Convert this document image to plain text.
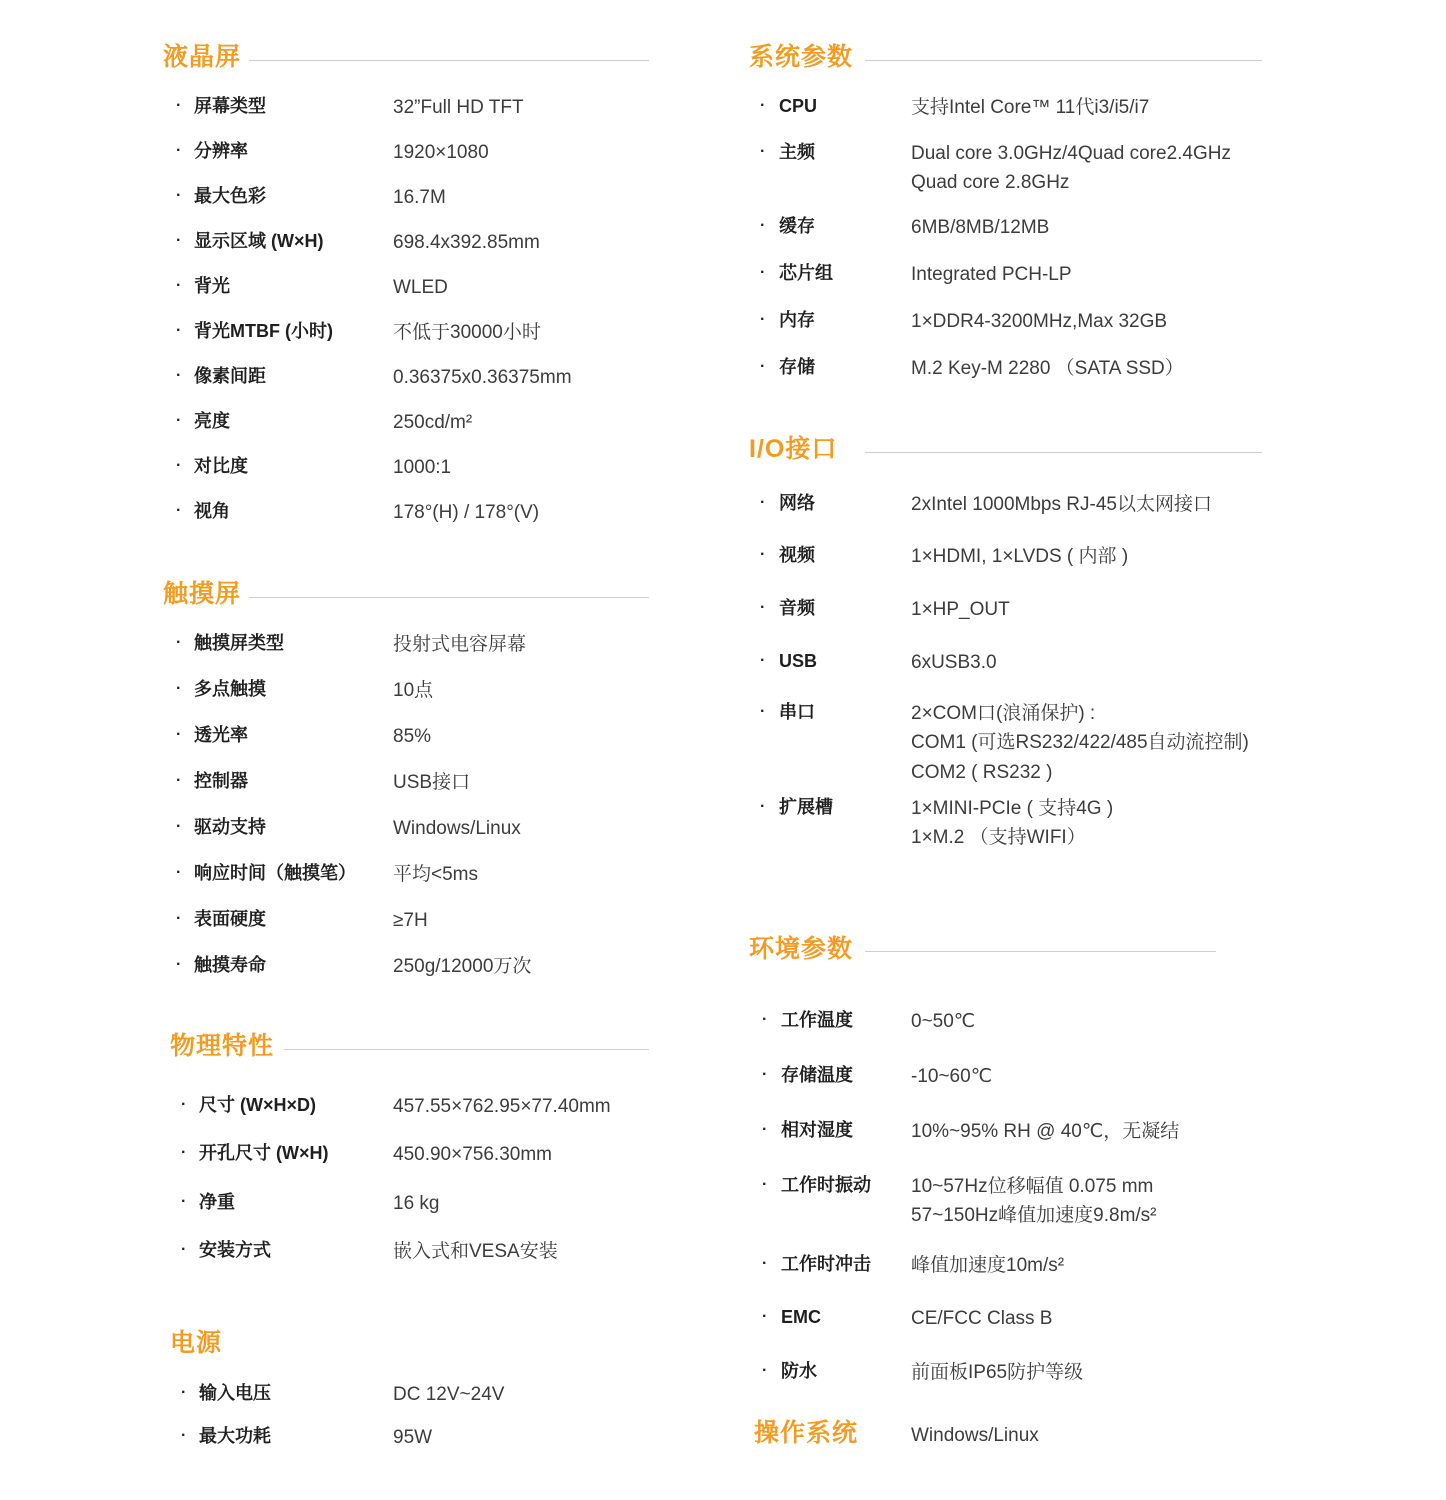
液晶屏
· 屏幕类型	32”Full HD TFT
· 分辨率	1920×1080
· 最大色彩	16.7M
· 显示区域 (W×H)	698.4x392.85mm
· 背光	WLED
· 背光MTBF (小时)	不低于30000小时
· 像素间距	0.36375x0.36375mm
· 亮度	250cd/m²
· 对比度	1000:1
· 视角	178°(H) / 178°(V)
触摸屏
· 触摸屏类型	投射式电容屏幕
· 多点触摸	10点
· 透光率	85%
· 控制器	USB接口
· 驱动支持	Windows/Linux
· 响应时间（触摸笔） 平均<5ms
· 表面硬度	≥7H
· 触摸寿命	250g/12000万次
物理特性
· 尺寸 (W×H×D)	457.55×762.95×77.40mm
· 开孔尺寸 (W×H)	450.90×756.30mm
· 净重	16 kg
· 安装方式	嵌入式和VESA安装
电源
· 输入电压	DC 12V~24V
· 最大功耗	95W
系统参数
· CPU	支持Intel Core™ 11代i3/i5/i7
· 主频	Dual core 3.0GHz/4Quad core2.4GHz
Quad core 2.8GHz
· 缓存	6MB/8MB/12MB
· 芯片组	Integrated PCH-LP
· 内存	1×DDR4-3200MHz,Max 32GB
· 存储	M.2 Key-M 2280 （SATA SSD）
I/O接口
· 网络	2xIntel 1000Mbps RJ-45以太网接口
· 视频	1×HDMI, 1×LVDS ( 内部 )
· 音频	1×HP_OUT
· USB	6xUSB3.0
· 串口	2×COM口(浪涌保护) :
COM1 (可选RS232/422/485自动流控制)
COM2 ( RS232 )
· 扩展槽	1×MINI-PCIe ( 支持4G )
1×M.2 （支持WIFI）
环境参数
· 工作温度	0~50℃
· 存储温度	-10~60℃
· 相对湿度	10%~95% RH @ 40℃，无凝结
· 工作时振动 10~57Hz位移幅值 0.075 mm
57~150Hz峰值加速度9.8m/s²
· 工作时冲击 峰值加速度10m/s²
· EMC	CE/FCC Class B
· 防水	前面板IP65防护等级
操作系统	Windows/Linux
